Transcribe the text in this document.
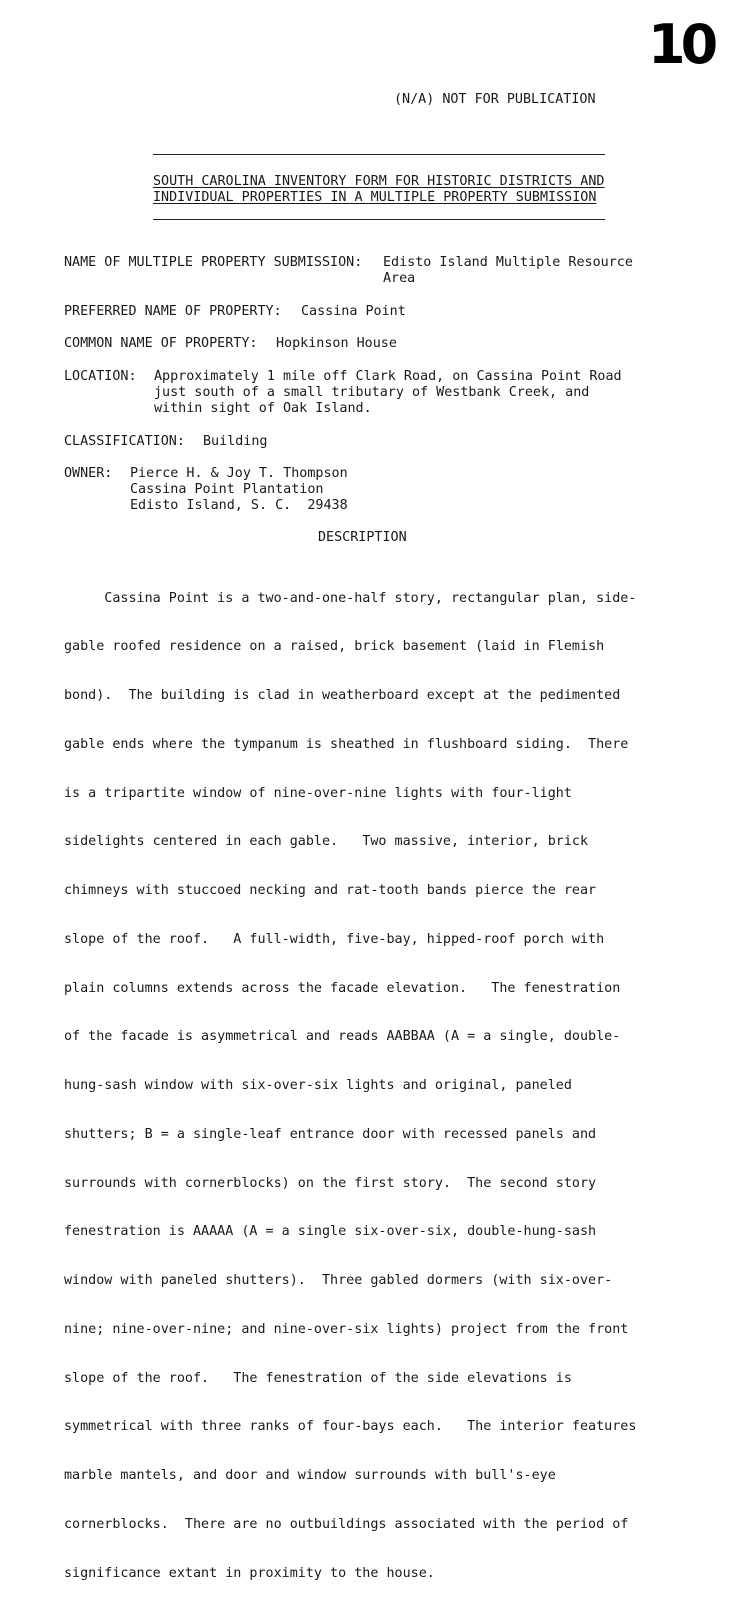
10
(N/A) NOT FOR PUBLICATION
SOUTH CAROLINA INVENTORY FORM FOR HISTORIC DISTRICTS AND
INDIVIDUAL PROPERTIES IN A MULTIPLE PROPERTY SUBMISSION
NAME OF MULTIPLE PROPERTY SUBMISSION: Edisto Island Multiple Resource
Area
PREFERRED NAME OF PROPERTY: Cassina Point
COMMON NAME OF PROPERTY: Hopkinson House
LOCATION: Approximately 1 mile off Clark Road, on Cassina Point Road
just south of a small tributary of Westbank Creek, and
within sight of Oak Island.
CLASSIFICATION: Building
OWNER: Pierce H. & Joy T. Thompson
Cassina Point Plantation
Edisto Island, S. C.  29438
DESCRIPTION

Cassina Point is a two-and-one-half story, rectangular plan, side-

gable roofed residence on a raised, brick basement (laid in Flemish

bond).  The building is clad in weatherboard except at the pedimented

gable ends where the tympanum is sheathed in flushboard siding.  There

is a tripartite window of nine-over-nine lights with four-light

sidelights centered in each gable.   Two massive, interior, brick

chimneys with stuccoed necking and rat-tooth bands pierce the rear

slope of the roof.   A full-width, five-bay, hipped-roof porch with

plain columns extends across the facade elevation.   The fenestration

of the facade is asymmetrical and reads AABBAA (A = a single, double-

hung-sash window with six-over-six lights and original, paneled

shutters; B = a single-leaf entrance door with recessed panels and

surrounds with cornerblocks) on the first story.  The second story

fenestration is AAAAA (A = a single six-over-six, double-hung-sash

window with paneled shutters).  Three gabled dormers (with six-over-

nine; nine-over-nine; and nine-over-six lights) project from the front

slope of the roof.   The fenestration of the side elevations is

symmetrical with three ranks of four-bays each.   The interior features

marble mantels, and door and window surrounds with bull's-eye

cornerblocks.  There are no outbuildings associated with the period of

significance extant in proximity to the house.
